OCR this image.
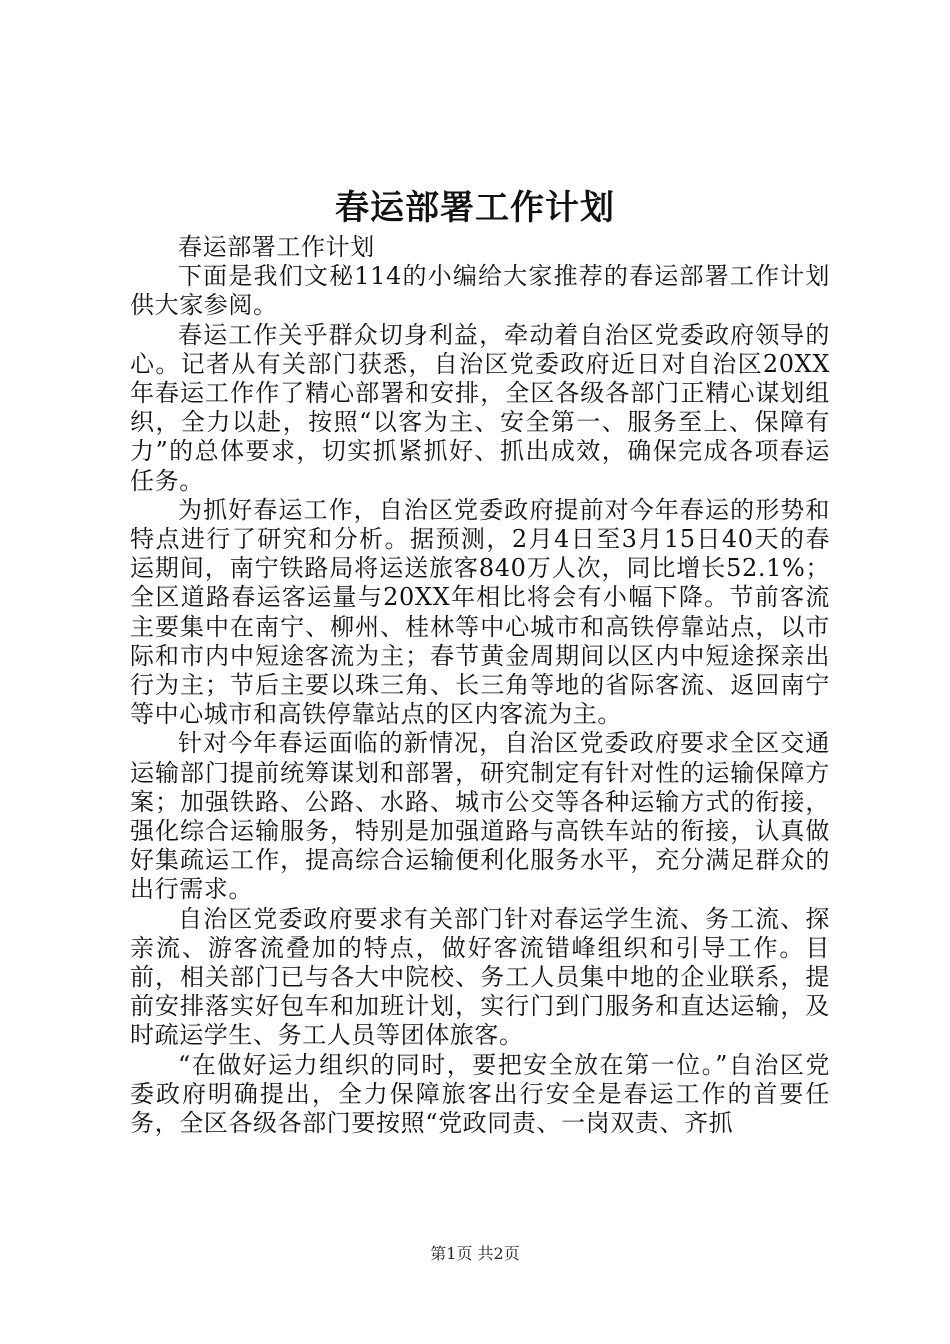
春运部署工作计划

春运部署工作计划

下面是我们文秘114的小编给大家推荐的春运部署工作计划供大家参阅。

春运工作关乎群众切身利益，牵动着自治区党委政府领导的心。记者从有关部门获悉，自治区党委政府近日对自治区20XX年春运工作作了精心部署和安排，全区各级各部门正精心谋划组织，全力以赴，按照“以客为主、安全第一、服务至上、保障有力”的总体要求，切实抓紧抓好、抓出成效，确保完成各项春运任务。

为抓好春运工作，自治区党委政府提前对今年春运的形势和特点进行了研究和分析。据预测，2月4日至3月15日40天的春运期间，南宁铁路局将运送旅客840万人次，同比增长52.1%；全区道路春运客运量与20XX年相比将会有小幅下降。节前客流主要集中在南宁、柳州、桂林等中心城市和高铁停靠站点，以市际和市内中短途客流为主；春节黄金周期间以区内中短途探亲出行为主；节后主要以珠三角、长三角等地的省际客流、返回南宁等中心城市和高铁停靠站点的区内客流为主。

针对今年春运面临的新情况，自治区党委政府要求全区交通运输部门提前统筹谋划和部署，研究制定有针对性的运输保障方案；加强铁路、公路、水路、城市公交等各种运输方式的衔接，强化综合运输服务，特别是加强道路与高铁车站的衔接，认真做好集疏运工作，提高综合运输便利化服务水平，充分满足群众的出行需求。

自治区党委政府要求有关部门针对春运学生流、务工流、探亲流、游客流叠加的特点，做好客流错峰组织和引导工作。目前，相关部门已与各大中院校、务工人员集中地的企业联系，提前安排落实好包车和加班计划，实行门到门服务和直达运输，及时疏运学生、务工人员等团体旅客。

“在做好运力组织的同时，要把安全放在第一位。”自治区党委政府明确提出，全力保障旅客出行安全是春运工作的首要任务，全区各级各部门要按照“党政同责、一岗双责、齐抓

第1页 共2页
